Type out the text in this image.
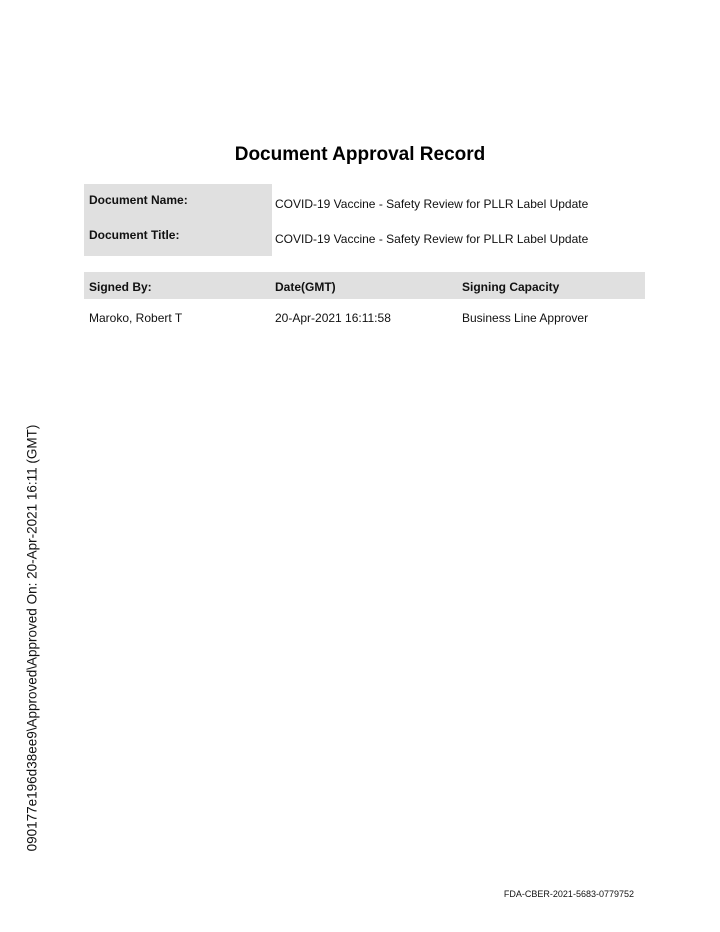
Document Approval Record
Document Name:	COVID-19 Vaccine - Safety Review for PLLR Label Update
Document Title:	COVID-19 Vaccine - Safety Review for PLLR Label Update
Signed By:	Date(GMT)	Signing Capacity
Maroko, Robert T	20-Apr-2021 16:11:58	Business Line Approver
090177e196d38ee9\Approved\Approved On: 20-Apr-2021 16:11 (GMT)
FDA-CBER-2021-5683-0779752
